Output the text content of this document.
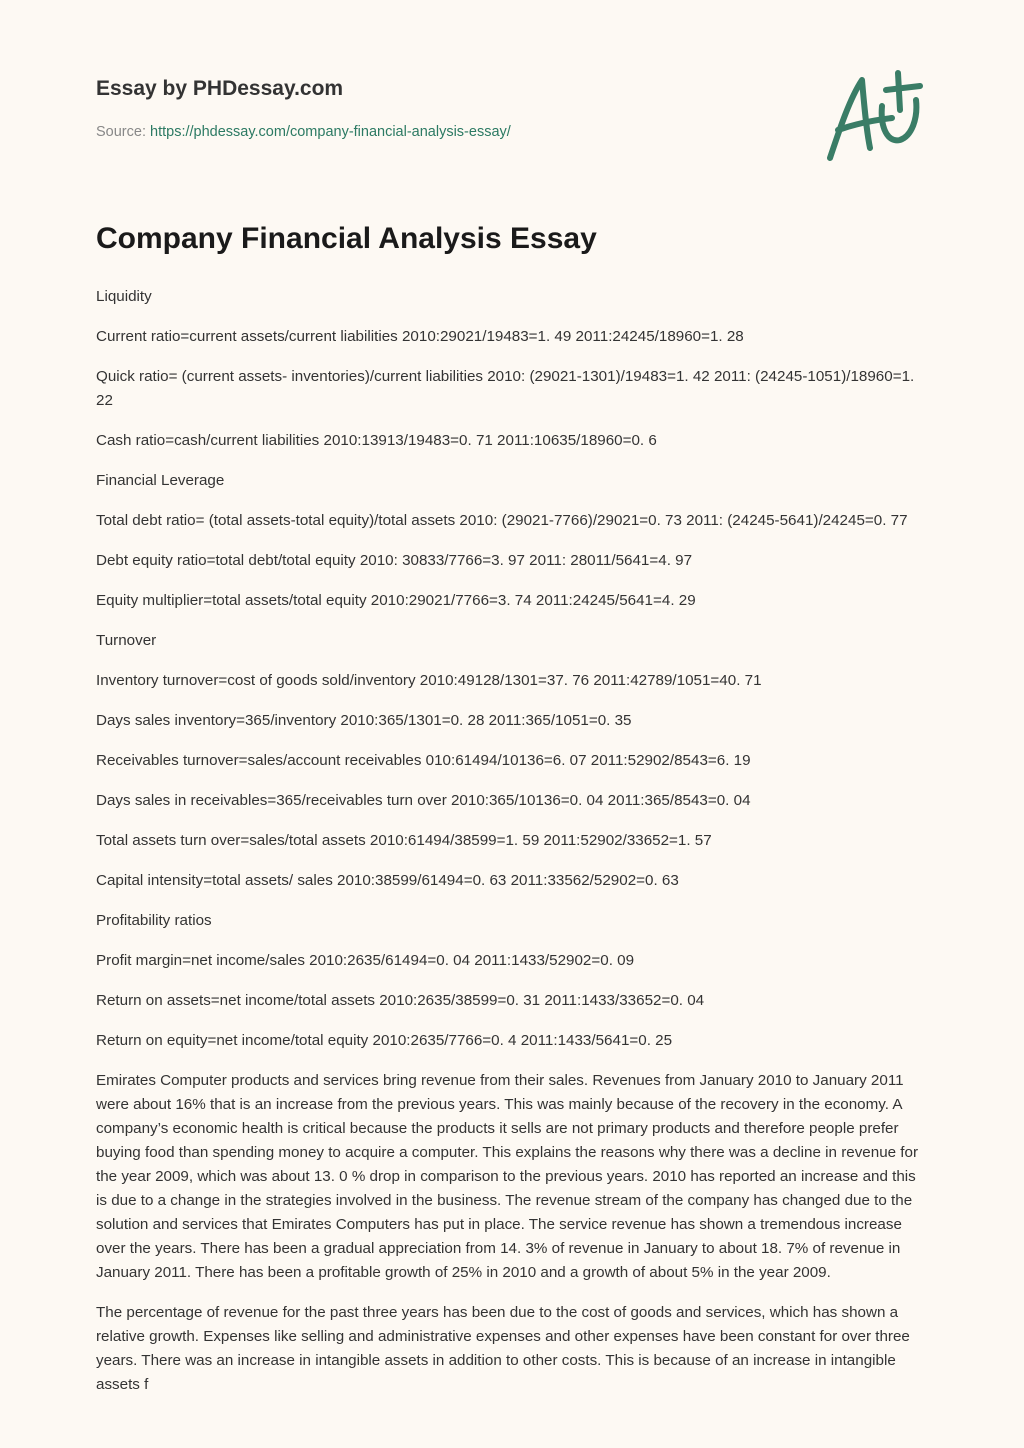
Essay by PHDessay.com
Source: https://phdessay.com/company-financial-analysis-essay/
Company Financial Analysis Essay

Liquidity

Current ratio=current assets/current liabilities 2010:29021/19483=1. 49 2011:24245/18960=1. 28

Quick ratio= (current assets- inventories)/current liabilities 2010: (29021-1301)/19483=1. 42 2011: (24245-1051)/18960=1. 22

Cash ratio=cash/current liabilities 2010:13913/19483=0. 71 2011:10635/18960=0. 6

Financial Leverage

Total debt ratio= (total assets-total equity)/total assets 2010: (29021-7766)/29021=0. 73 2011: (24245-5641)/24245=0. 77

Debt equity ratio=total debt/total equity 2010: 30833/7766=3. 97 2011: 28011/5641=4. 97

Equity multiplier=total assets/total equity 2010:29021/7766=3. 74 2011:24245/5641=4. 29

Turnover

Inventory turnover=cost of goods sold/inventory 2010:49128/1301=37. 76 2011:42789/1051=40. 71

Days sales inventory=365/inventory 2010:365/1301=0. 28 2011:365/1051=0. 35

Receivables turnover=sales/account receivables 010:61494/10136=6. 07 2011:52902/8543=6. 19

Days sales in receivables=365/receivables turn over 2010:365/10136=0. 04 2011:365/8543=0. 04

Total assets turn over=sales/total assets 2010:61494/38599=1. 59 2011:52902/33652=1. 57

Capital intensity=total assets/ sales 2010:38599/61494=0. 63 2011:33562/52902=0. 63

Profitability ratios

Profit margin=net income/sales 2010:2635/61494=0. 04 2011:1433/52902=0. 09

Return on assets=net income/total assets 2010:2635/38599=0. 31 2011:1433/33652=0. 04

Return on equity=net income/total equity 2010:2635/7766=0. 4 2011:1433/5641=0. 25

Emirates Computer products and services bring revenue from their sales. Revenues from January 2010 to January 2011 were about 16% that is an increase from the previous years. This was mainly because of the recovery in the economy. A company’s economic health is critical because the products it sells are not primary products and therefore people prefer buying food than spending money to acquire a computer. This explains the reasons why there was a decline in revenue for the year 2009, which was about 13. 0 % drop in comparison to the previous years. 2010 has reported an increase and this is due to a change in the strategies involved in the business. The revenue stream of the company has changed due to the solution and services that Emirates Computers has put in place. The service revenue has shown a tremendous increase over the years. There has been a gradual appreciation from 14. 3% of revenue in January to about 18. 7% of revenue in January 2011. There has been a profitable growth of 25% in 2010 and a growth of about 5% in the year 2009.

The percentage of revenue for the past three years has been due to the cost of goods and services, which has shown a relative growth. Expenses like selling and administrative expenses and other expenses have been constant for over three years. There was an increase in intangible assets in addition to other costs. This is because of an increase in intangible assets f
